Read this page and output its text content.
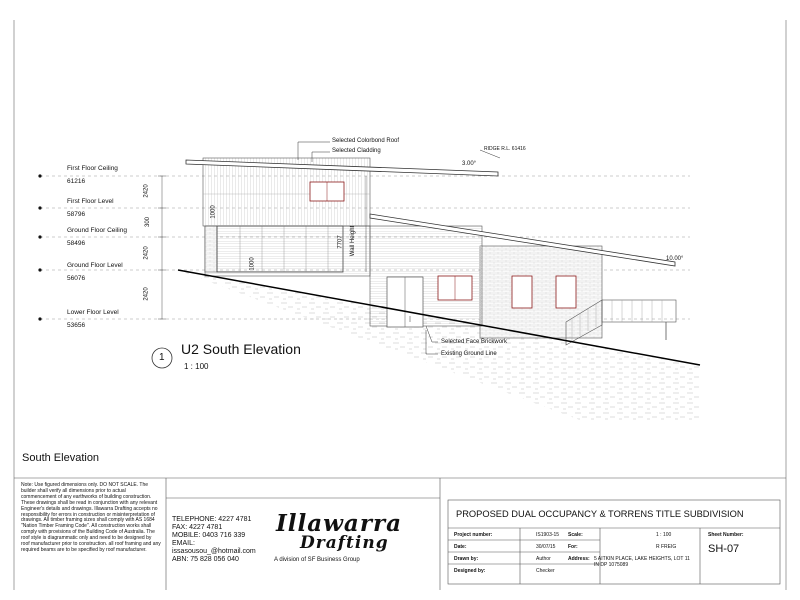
First Floor Ceiling
61216
First Floor Level
58796
Ground Floor Ceiling
58496
Ground Floor Level
56076
Lower Floor Level
53656
2420
300
2420
2420
1000
1000
7707 Wall Height
Selected Colorbond Roof
Selected Cladding	RIDGE R.L. 61416
3.00°
10.00°
Selected Face Brickwork
Existing Ground Line
1
U2 South Elevation
1 : 100
South Elevation
Note: Use figured dimensions only. DO NOT SCALE. The builder shall verify all dimensions prior to actual commencement of any earthworks of building construction. These drawings shall be read in conjunction with any relevant Engineer's details and drawings. Illawarra Drafting accepts no responsibility for errors in construction or misinterpretation of drawings. All timber framing sizes shall comply with AS 1684 "Nation Timber Framing Code". All construction works shall comply with provisions of the Building Code of Australia. The roof style is diagrammatic only and need to be designed by roof manufacturer prior to construction. all roof framing and any required beams are to be specified by roof manufacturer.
TELEPHONE: 4227 4781
FAX: 4227 4781
MOBILE: 0403 716 339
EMAIL:
issasousou_@hotmail.com
ABN: 75 828 056 040
Illawarra
Drafting
A division of SF Business Group
PROPOSED DUAL OCCUPANCY & TORRENS TITLE SUBDIVISION
Project number:	IS1903-15
Date:	30/07/15
Drawn by:	Author
Designed by:	Checker
Scale:	1 : 100
For:	R FREIG
Address: 5 AITKIN PLACE, LAKE HEIGHTS, LOT 11 IN DP 1075089
Sheet Number:
SH-07
